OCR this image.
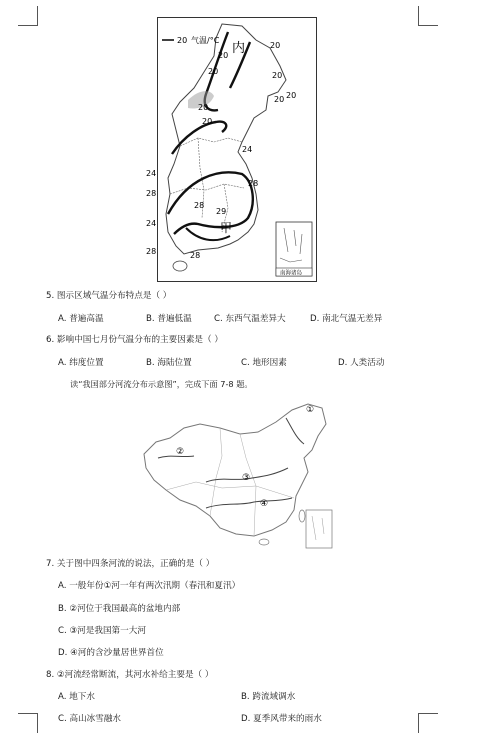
20 气温/°C
内
甲
20
20
20
20
20
20
20
20
24
24
24
28
28	28
28
28
29
南海诸岛
5. 图示区域气温分布特点是（ ）
A. 普遍高温	B. 普遍低温	C. 东西气温差异大	D. 南北气温无差异
6. 影响中国七月份气温分布的主要因素是（ ）
A. 纬度位置	B. 海陆位置	C. 地形因素	D. 人类活动
读“我国部分河流分布示意图”，完成下面 7-8 题。
①
②
③
④
7. 关于图中四条河流的说法，正确的是（ ）
A. 一般年份①河一年有两次汛期（春汛和夏汛）
B. ②河位于我国最高的盆地内部
C. ③河是我国第一大河
D. ④河的含沙量居世界首位
8. ②河流经常断流，其河水补给主要是（ ）
A. 地下水	B. 跨流域调水
C. 高山冰雪融水	D. 夏季风带来的雨水
